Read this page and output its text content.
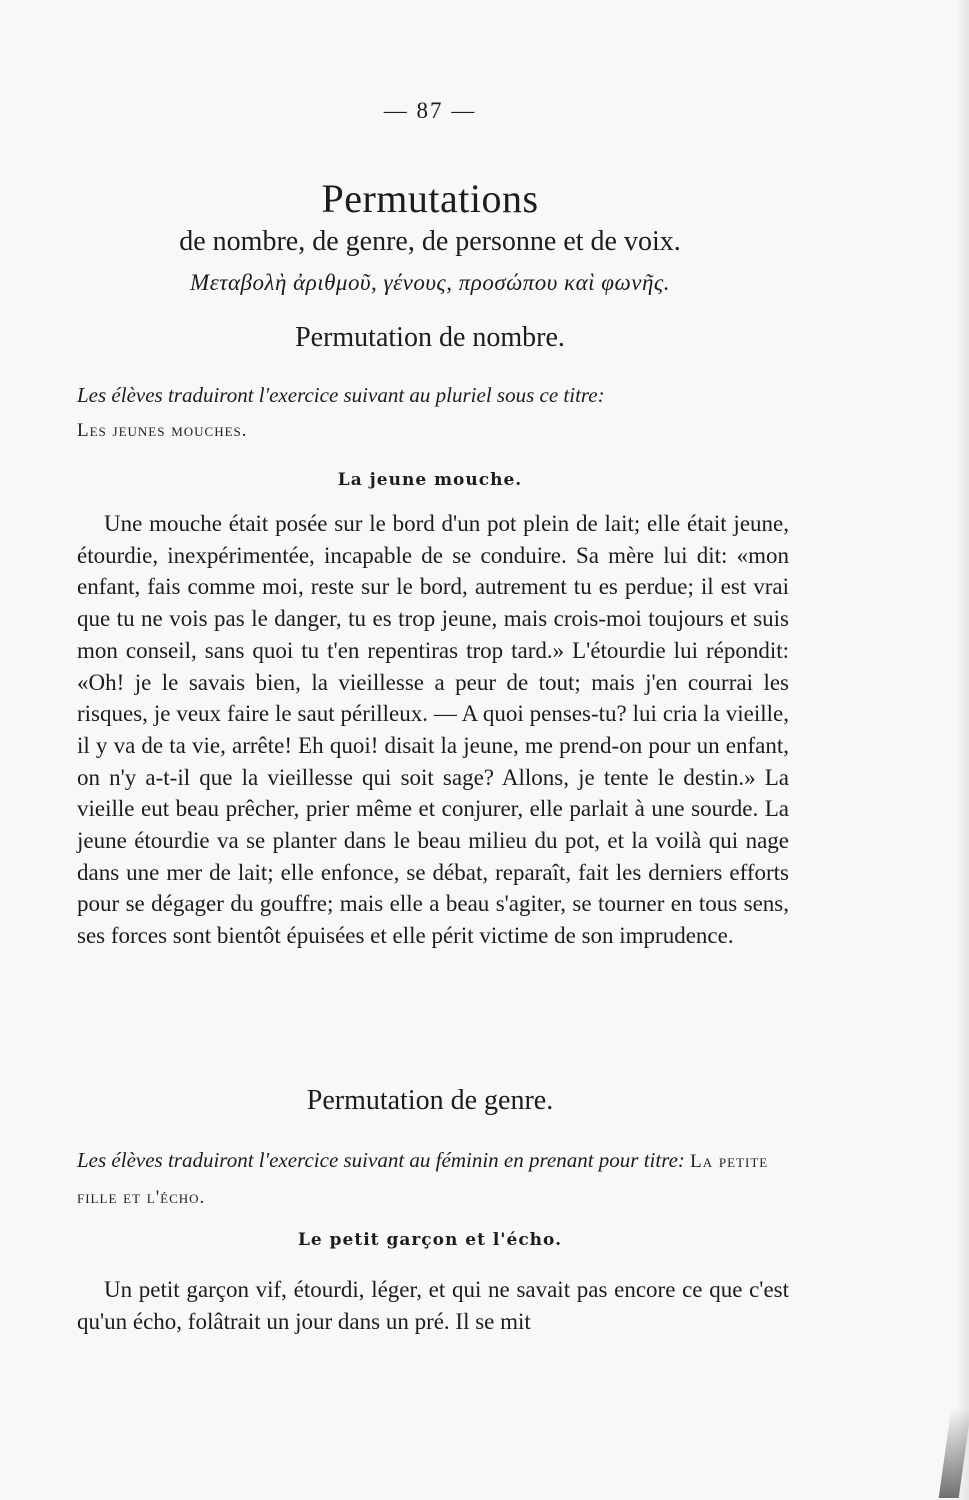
— 87 —
Permutations
de nombre, de genre, de personne et de voix.
Μεταβολὴ ἀριθμοῦ, γένους, προσώπου καὶ φωνῆς.
Permutation de nombre.
Les élèves traduiront l'exercice suivant au pluriel sous ce titre:
Les jeunes mouches.
La jeune mouche.
Une mouche était posée sur le bord d'un pot plein de lait; elle était jeune, étourdie, inexpérimentée, incapable de se conduire. Sa mère lui dit: «mon enfant, fais comme moi, reste sur le bord, autrement tu es perdue; il est vrai que tu ne vois pas le danger, tu es trop jeune, mais crois-moi toujours et suis mon conseil, sans quoi tu t'en repentiras trop tard.» L'étourdie lui répondit: «Oh! je le savais bien, la vieillesse a peur de tout; mais j'en courrai les risques, je veux faire le saut périlleux. — A quoi penses-tu? lui cria la vieille, il y va de ta vie, arrête! Eh quoi! disait la jeune, me prend-on pour un enfant, on n'y a-t-il que la vieillesse qui soit sage? Allons, je tente le destin.» La vieille eut beau prêcher, prier même et conjurer, elle parlait à une sourde. La jeune étourdie va se planter dans le beau milieu du pot, et la voilà qui nage dans une mer de lait; elle enfonce, se débat, reparaît, fait les derniers efforts pour se dégager du gouffre; mais elle a beau s'agiter, se tourner en tous sens, ses forces sont bientôt épuisées et elle périt victime de son imprudence.
Permutation de genre.
Les élèves traduiront l'exercice suivant au féminin en prenant pour titre: La petite fille et l'écho.
Le petit garçon et l'écho.
Un petit garçon vif, étourdi, léger, et qui ne savait pas encore ce que c'est qu'un écho, folâtrait un jour dans un pré. Il se mit
